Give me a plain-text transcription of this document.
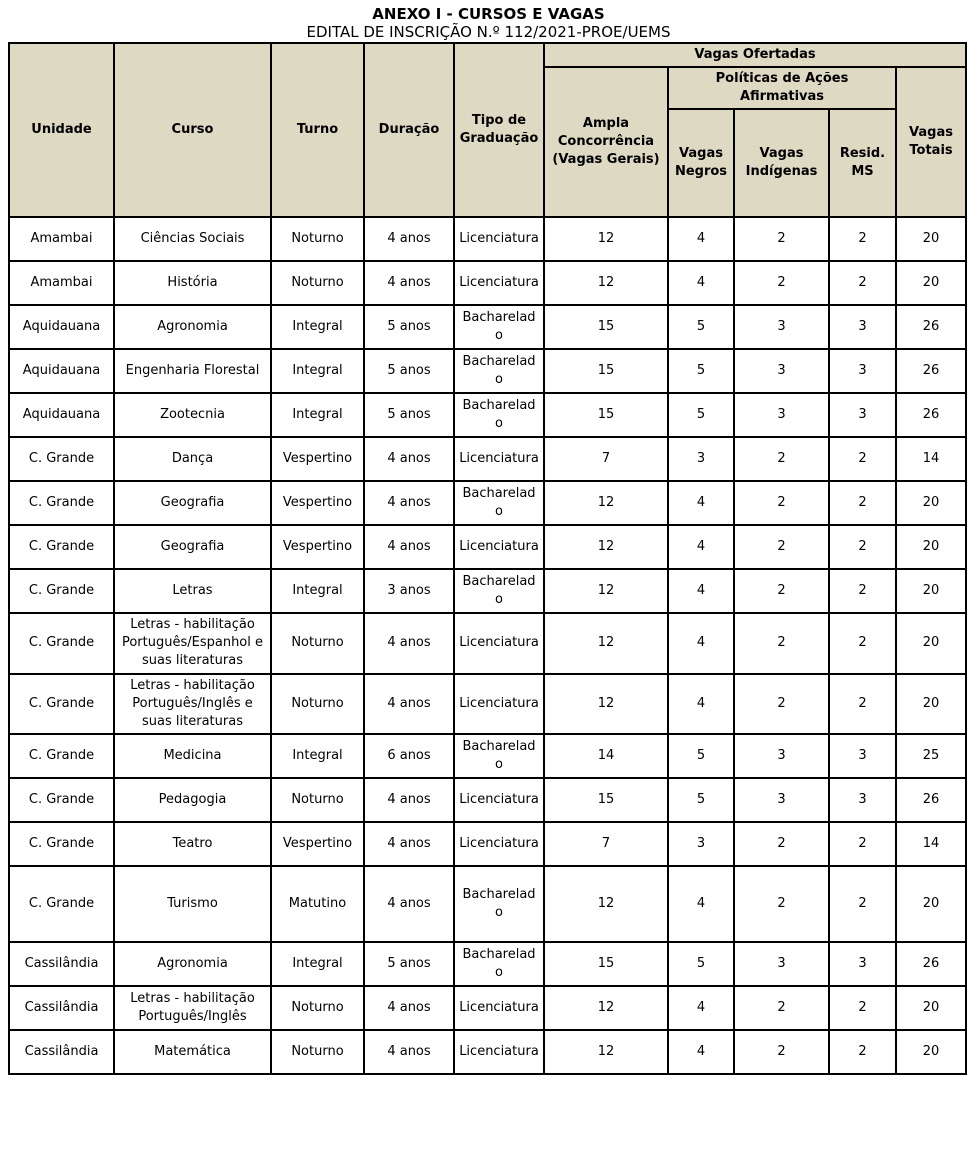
ANEXO I - CURSOS E VAGAS
EDITAL DE INSCRIÇÃO N.º 112/2021-PROE/UEMS
Unidade	Curso	Turno	Duração	Tipo de Graduação	Vagas Ofertadas				
					Ampla Concorrência (Vagas Gerais)	Políticas de Ações Afirmativas			Vagas Totais
						Vagas Negros	Vagas Indígenas	Resid. MS	
Amambai	Ciências Sociais	Noturno	4 anos	Licenciatura	12	4	2	2	20
Amambai	História	Noturno	4 anos	Licenciatura	12	4	2	2	20
Aquidauana	Agronomia	Integral	5 anos	Bacharelado	15	5	3	3	26
Aquidauana	Engenharia Florestal	Integral	5 anos	Bacharelado	15	5	3	3	26
Aquidauana	Zootecnia	Integral	5 anos	Bacharelado	15	5	3	3	26
C. Grande	Dança	Vespertino	4 anos	Licenciatura	7	3	2	2	14
C. Grande	Geografia	Vespertino	4 anos	Bacharelado	12	4	2	2	20
C. Grande	Geografia	Vespertino	4 anos	Licenciatura	12	4	2	2	20
C. Grande	Letras	Integral	3 anos	Bacharelado	12	4	2	2	20
C. Grande	Letras - habilitação Português/Espanhol e suas literaturas	Noturno	4 anos	Licenciatura	12	4	2	2	20
C. Grande	Letras - habilitação Português/Inglês e suas literaturas	Noturno	4 anos	Licenciatura	12	4	2	2	20
C. Grande	Medicina	Integral	6 anos	Bacharelado	14	5	3	3	25
C. Grande	Pedagogia	Noturno	4 anos	Licenciatura	15	5	3	3	26
C. Grande	Teatro	Vespertino	4 anos	Licenciatura	7	3	2	2	14
C. Grande	Turismo	Matutino	4 anos	Bacharelado	12	4	2	2	20
Cassilândia	Agronomia	Integral	5 anos	Bacharelado	15	5	3	3	26
Cassilândia	Letras - habilitação Português/Inglês	Noturno	4 anos	Licenciatura	12	4	2	2	20
Cassilândia	Matemática	Noturno	4 anos	Licenciatura	12	4	2	2	20
